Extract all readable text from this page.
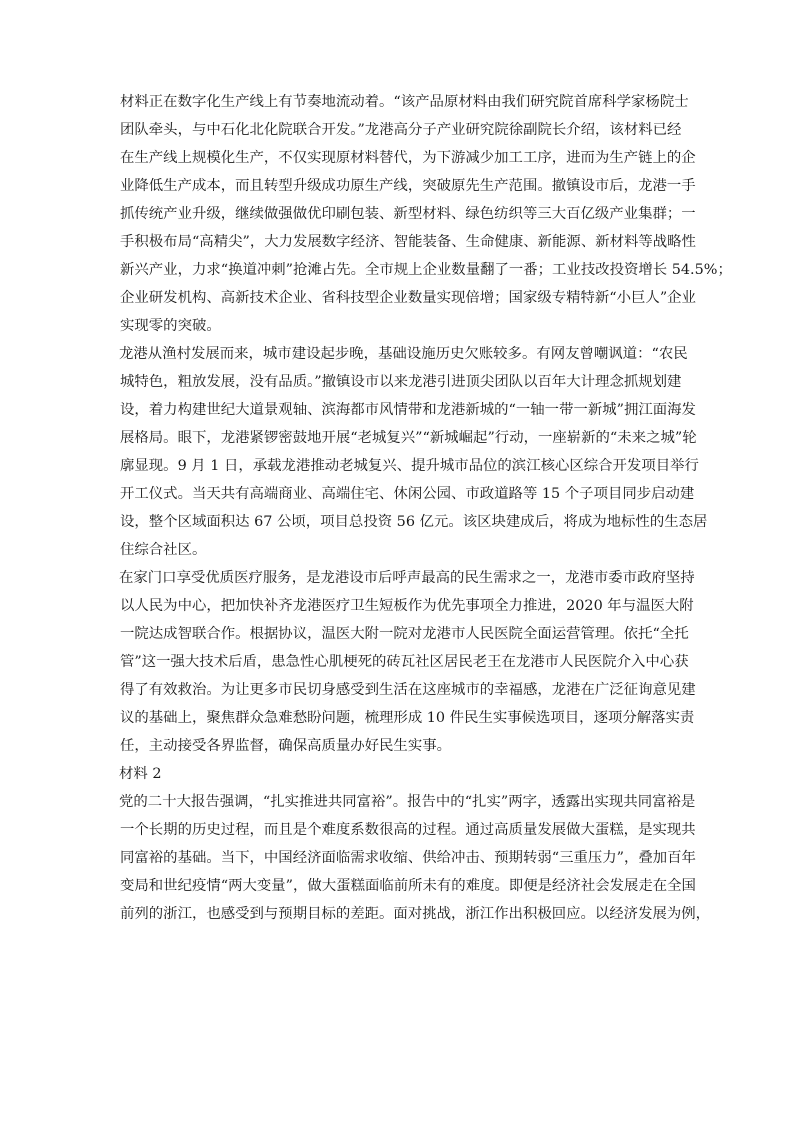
材料正在数字化生产线上有节奏地流动着。“该产品原材料由我们研究院首席科学家杨院士
团队牵头，与中石化北化院联合开发。”龙港高分子产业研究院徐副院长介绍，该材料已经
在生产线上规模化生产，不仅实现原材料替代，为下游减少加工工序，进而为生产链上的企
业降低生产成本，而且转型升级成功原生产线，突破原先生产范围。撤镇设市后，龙港一手
抓传统产业升级，继续做强做优印刷包装、新型材料、绿色纺织等三大百亿级产业集群；一
手积极布局“高精尖”，大力发展数字经济、智能装备、生命健康、新能源、新材料等战略性
新兴产业，力求“换道冲刺”抢滩占先。全市规上企业数量翻了一番；工业技改投资增长 54.5%；
企业研发机构、高新技术企业、省科技型企业数量实现倍增；国家级专精特新“小巨人”企业
实现零的突破。
龙港从渔村发展而来，城市建设起步晚，基础设施历史欠账较多。有网友曾嘲讽道：“农民
城特色，粗放发展，没有品质。”撤镇设市以来龙港引进顶尖团队以百年大计理念抓规划建
设，着力构建世纪大道景观轴、滨海都市风情带和龙港新城的“一轴一带一新城”拥江面海发
展格局。眼下，龙港紧锣密鼓地开展“老城复兴”“新城崛起”行动，一座崭新的“未来之城”轮
廓显现。9 月 1 日，承载龙港推动老城复兴、提升城市品位的滨江核心区综合开发项目举行
开工仪式。当天共有高端商业、高端住宅、休闲公园、市政道路等 15 个子项目同步启动建
设，整个区域面积达 67 公顷，项目总投资 56 亿元。该区块建成后，将成为地标性的生态居
住综合社区。
在家门口享受优质医疗服务，是龙港设市后呼声最高的民生需求之一，龙港市委市政府坚持
以人民为中心，把加快补齐龙港医疗卫生短板作为优先事项全力推进，2020 年与温医大附
一院达成智联合作。根据协议，温医大附一院对龙港市人民医院全面运营管理。依托“全托
管”这一强大技术后盾，患急性心肌梗死的砖瓦社区居民老王在龙港市人民医院介入中心获
得了有效救治。为让更多市民切身感受到生活在这座城市的幸福感，龙港在广泛征询意见建
议的基础上，聚焦群众急难愁盼问题，梳理形成 10 件民生实事候选项目，逐项分解落实责
任，主动接受各界监督，确保高质量办好民生实事。
材料 2
党的二十大报告强调，“扎实推进共同富裕”。报告中的“扎实”两字，透露出实现共同富裕是
一个长期的历史过程，而且是个难度系数很高的过程。通过高质量发展做大蛋糕，是实现共
同富裕的基础。当下，中国经济面临需求收缩、供给冲击、预期转弱“三重压力”，叠加百年
变局和世纪疫情“两大变量”，做大蛋糕面临前所未有的难度。即便是经济社会发展走在全国
前列的浙江，也感受到与预期目标的差距。面对挑战，浙江作出积极回应。以经济发展为例，
